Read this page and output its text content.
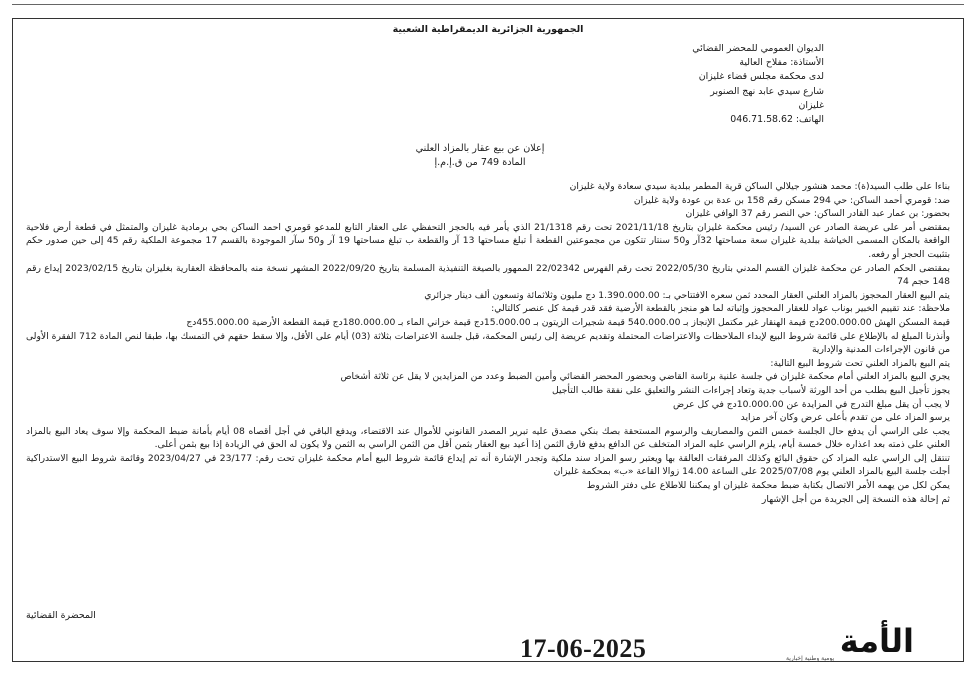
الجمهورية الجزائرية الديمقراطية الشعبية
الديوان العمومي للمحضر القضائي
الأستاذة: مفلاح العالية
لدى محكمة مجلس قضاء غليزان
شارع سيدي عابد نهج الصنوبر
غليزان
الهاتف: 046.71.58.62
إعلان عن بيع عقار بالمزاد العلني
المادة 749 من ق.إ.م.إ

بناءا على طلب السيد(ة): محمد هنشور جيلالي الساكن قرية المطمر ببلدية سيدي سعادة ولاية غليزان

ضد: قومري أحمد الساكن: حي 294 مسكن رقم 158 بن عدة بن عودة ولاية غليزان

بحضور: بن عمار عبد القادر الساكن: حي النصر رقم 37 الوافي غليزان

بمقتضى أمر على عريضة الصادر عن السيد/ رئيس محكمة غليزان بتاريخ 2021/11/18 تحت رقم 21/1318 الذي يأمر فيه بالحجز التحفظي على العقار التابع للمدعو قومري احمد الساكن بحي برمادية غليزان والمتمثل في قطعة أرض فلاحية الواقعة بالمكان المسمى الخياشة ببلدية غليزان سعة مساحتها 32آر و50 سنتار تتكون من مجموعتين القطعة أ تبلغ مساحتها 13 آر والقطعة ب تبلغ مساحتها 19 آر و50 سآر الموجودة بالقسم 17 مجموعة الملكية رقم 45 إلى حين صدور حكم بتثبيت الحجز أو رفعه.

بمقتضى الحكم الصادر عن محكمة غليزان القسم المدني بتاريخ 2022/05/30 تحت رقم الفهرس 22/02342 الممهور بالصيغة التنفيذية المسلمة بتاريخ 2022/09/20 المشهر نسخة منه بالمحافظة العقارية بغليزان بتاريخ 2023/02/15 إيداع رقم 148 حجم 74

يتم البيع العقار المحجوز بالمزاد العلني العقار المحدد ثمن سعره الافتتاحي بـ: 1.390.000.00 دج مليون وثلاثمائة وتسعون ألف دينار جزائري

ملاحظة: عند تقييم الخبير بوناب عواد للعقار المحجوز وإثباته لما هو منجز بالقطعة الأرضية فقد قدر قيمة كل عنصر كالتالي:

قيمة المسكن الهش 200.000.00دج قيمة الهنقار غير مكتمل الإنجاز بـ 540.000.00 قيمة شجيرات الزيتون بـ 15.000.00دج قيمة خزاني الماء بـ 180.000.00دج قيمة القطعة الأرضية 455.000.00دج

وأنذرنا المبلغ له بالإطلاع على قائمة شروط البيع لإبداء الملاحظات والاعتراضات المحتملة وتقديم عريضة إلى رئيس المحكمة، قبل جلسة الاعتراضات بثلاثة (03) أيام على الأقل، وإلا سقط حقهم في التمسك بها، طبقا لنص المادة 712 الفقرة الأولى من قانون الإجراءات المدنية والإدارية

يتم البيع بالمزاد العلني تحت شروط البيع التالية:

يجري البيع بالمزاد العلني أمام محكمة غليزان في جلسة علنية برئاسة القاضي وبحضور المحضر القضائي وأمين الضبط وعدد من المزايدين لا يقل عن ثلاثة أشخاص

يجوز تأجيل البيع بطلب من أحد الورثة لأسباب جدية وتعاد إجراءات النشر والتعليق على نفقة طالب التأجيل

لا يجب أن يقل مبلغ التدرج في المزايدة عن 10.000.00دج في كل عرض

يرسو المزاد على من تقدم بأعلى عرض وكان آخر مزايد

يجب على الراسي أن يدفع حال الجلسة خمس الثمن والمصاريف والرسوم المستحقة بصك بنكي مصدق عليه تبرير المصدر القانوني للأموال عند الاقتضاء، ويدفع الباقي في أجل أقصاه 08 أيام بأمانة ضبط المحكمة وإلا سوف يعاد البيع بالمزاد العلني على ذمته بعد اعذاره خلال خمسة أيام، يلزم الراسي عليه المزاد المتخلف عن الدافع بدفع فارق الثمن إذا أعيد بيع العقار بثمن أقل من الثمن الراسي به الثمن ولا يكون له الحق في الزيادة إذا بيع بثمن أعلى.

تنتقل إلى الراسي عليه المزاد كن حقوق البائع وكذلك المرفقات العالقة بها ويعتبر رسو المزاد سند ملكية وتجدر الإشارة أنه تم إيداع قائمة شروط البيع أمام محكمة غليزان تحت رقم: 23/177 في 2023/04/27 وقائمة شروط البيع الاستدراكية أجلت جلسة البيع بالمزاد العلني يوم 2025/07/08 على الساعة 14.00 زوالا القاعة «ب» بمحكمة غليزان

يمكن لكل من يهمه الأمر الاتصال بكتابة ضبط محكمة غليزان او يمكننا للاطلاع على دفتر الشروط

ثم إحالة هذه النسخة إلى الجريدة من أجل الإشهار

المحضرة القضائية
17-06-2025	الأمة
يومية وطنية إخبارية
